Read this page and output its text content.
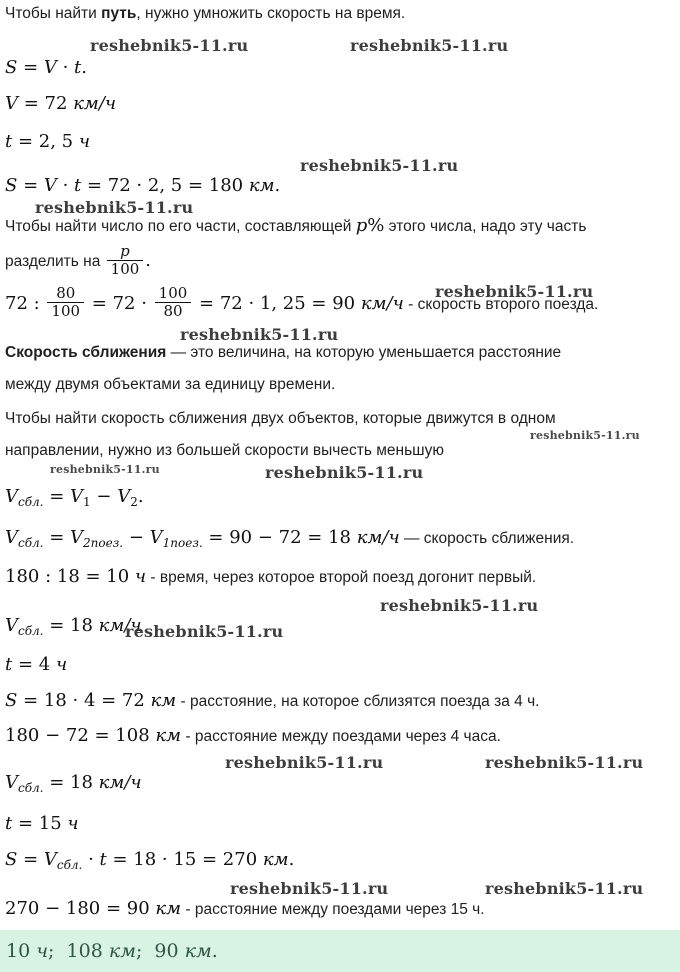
Чтобы найти путь, нужно умножить скорость на время.
reshebnik5-11.ru	reshebnik5-11.ru
S = V · t.
V = 72 км/ч
t = 2, 5 ч
reshebnik5-11.ru
S = V · t = 72 · 2, 5 = 180 км.
reshebnik5-11.ru
Чтобы найти число по его части, составляющей p% этого числа, надо эту часть
разделить на $\frac{p}{100}$ .
72 : $\frac{80}{100} = 72 \cdot \frac{100}{80} = 72 \cdot 1$, 25 = 90 км/ч - скорость второго поезда.
reshebnik5-11.ru
reshebnik5-11.ru
Скорость сближения — это величина, на которую уменьшается расстояние
между двумя объектами за единицу времени.
Чтобы найти скорость сближения двух объектов, которые движутся в одном
reshebnik5-11.ru
направлении, нужно из большей скорости вычесть меньшую
reshebnik5-11.ru	reshebnik5-11.ru
$V_{сбл.} = V_1 - V_2$.
$V_{сбл.} = V_{2поез.} - V_{1поез.} = 90 - 72 = 18$ км/ч — скорость сближения.
180 : 18 = 10 ч - время, через которое второй поезд догонит первый.
reshebnik5-11.ru
$V_{сбл.} = 18$ км/ч
reshebnik5-11.ru
t = 4 ч
S = 18 · 4 = 72 км - расстояние, на которое сблизятся поезда за 4 ч.
180 − 72 = 108 км - расстояние между поездами через 4 часа.
reshebnik5-11.ru	reshebnik5-11.ru
$V_{сбл.} = 18$ км/ч
t = 15 ч
$S = V_{сбл.} \cdot t = 18 \cdot 15 = 270$ км.
reshebnik5-11.ru	reshebnik5-11.ru
270 − 180 = 90 км - расстояние между поездами через 15 ч.
10 ч;  108 км;  90 км.
